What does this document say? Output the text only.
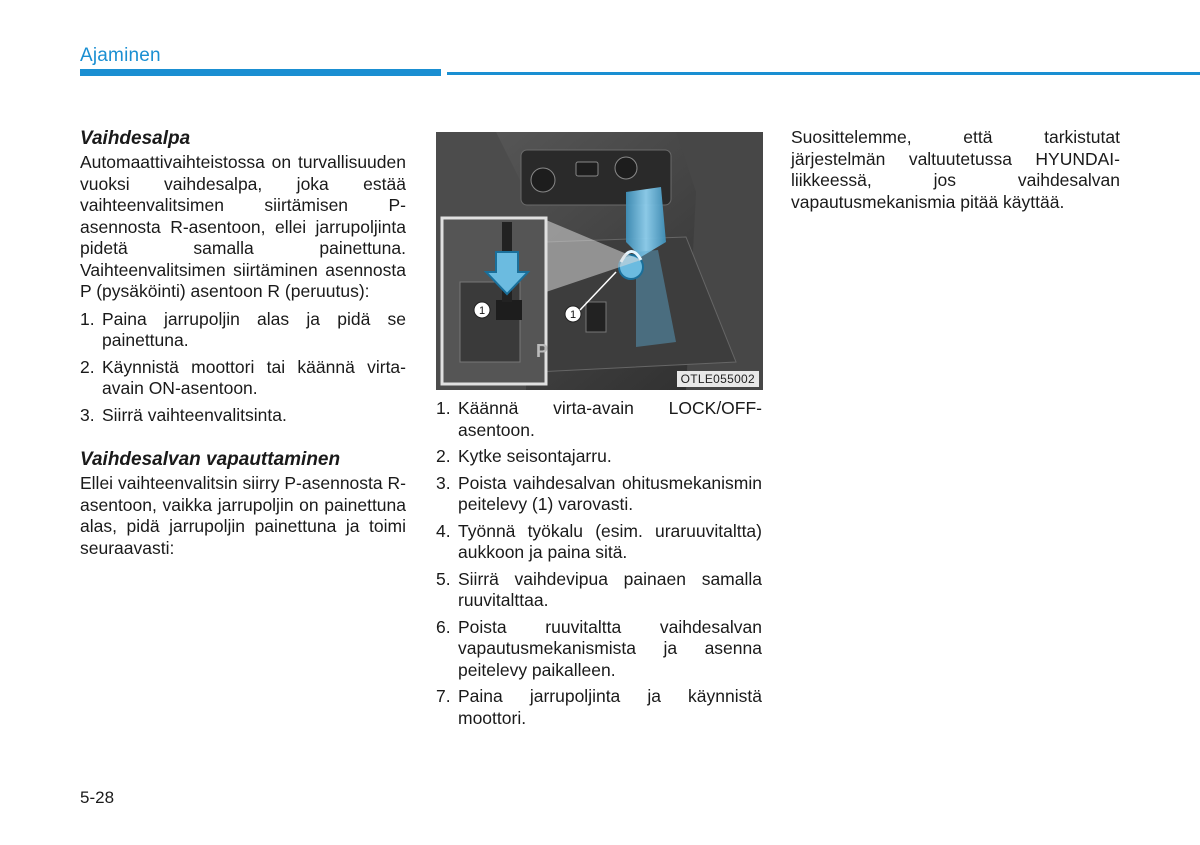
Ajaminen
Vaihdesalpa

Automaattivaihteistossa on turvallisuuden vuoksi vaihdesalpa, joka estää vaihteenvalitsimen siirtämisen P-asennosta R-asentoon, ellei jarrupoljinta pidetä samalla painettuna. Vaihteenvalitsimen siirtäminen asennosta P (pysäköinti) asentoon R (peruutus):

1. Paina jarrupoljin alas ja pidä se painettuna.
2. Käynnistä moottori tai käännä virta-avain ON-asentoon.
3. Siirrä vaihteenvalitsinta.
Vaihdesalvan vapauttaminen

Ellei vaihteenvalitsin siirry P-asennosta R-asentoon, vaikka jarrupoljin on painettuna alas, pidä jarrupoljin painettuna ja toimi seuraavasti:

1
P
1
OTLE055002
1. Käännä virta-avain LOCK/OFF-asentoon.
2. Kytke seisontajarru.
3. Poista vaihdesalvan ohitusmekanismin peitelevy (1) varovasti.
4. Työnnä työkalu (esim. uraruuvitaltta) aukkoon ja paina sitä.
5. Siirrä vaihdevipua painaen samalla ruuvitalttaa.
6. Poista ruuvitaltta vaihdesalvan vapautusmekanismista ja asenna peitelevy paikalleen.
7. Paina jarrupoljinta ja käynnistä moottori.

Suosittelemme, että tarkistutat järjestelmän valtuutetussa HYUNDAI-liikkeessä, jos vaihdesalvan vapautusmekanismia pitää käyttää.

5-28
